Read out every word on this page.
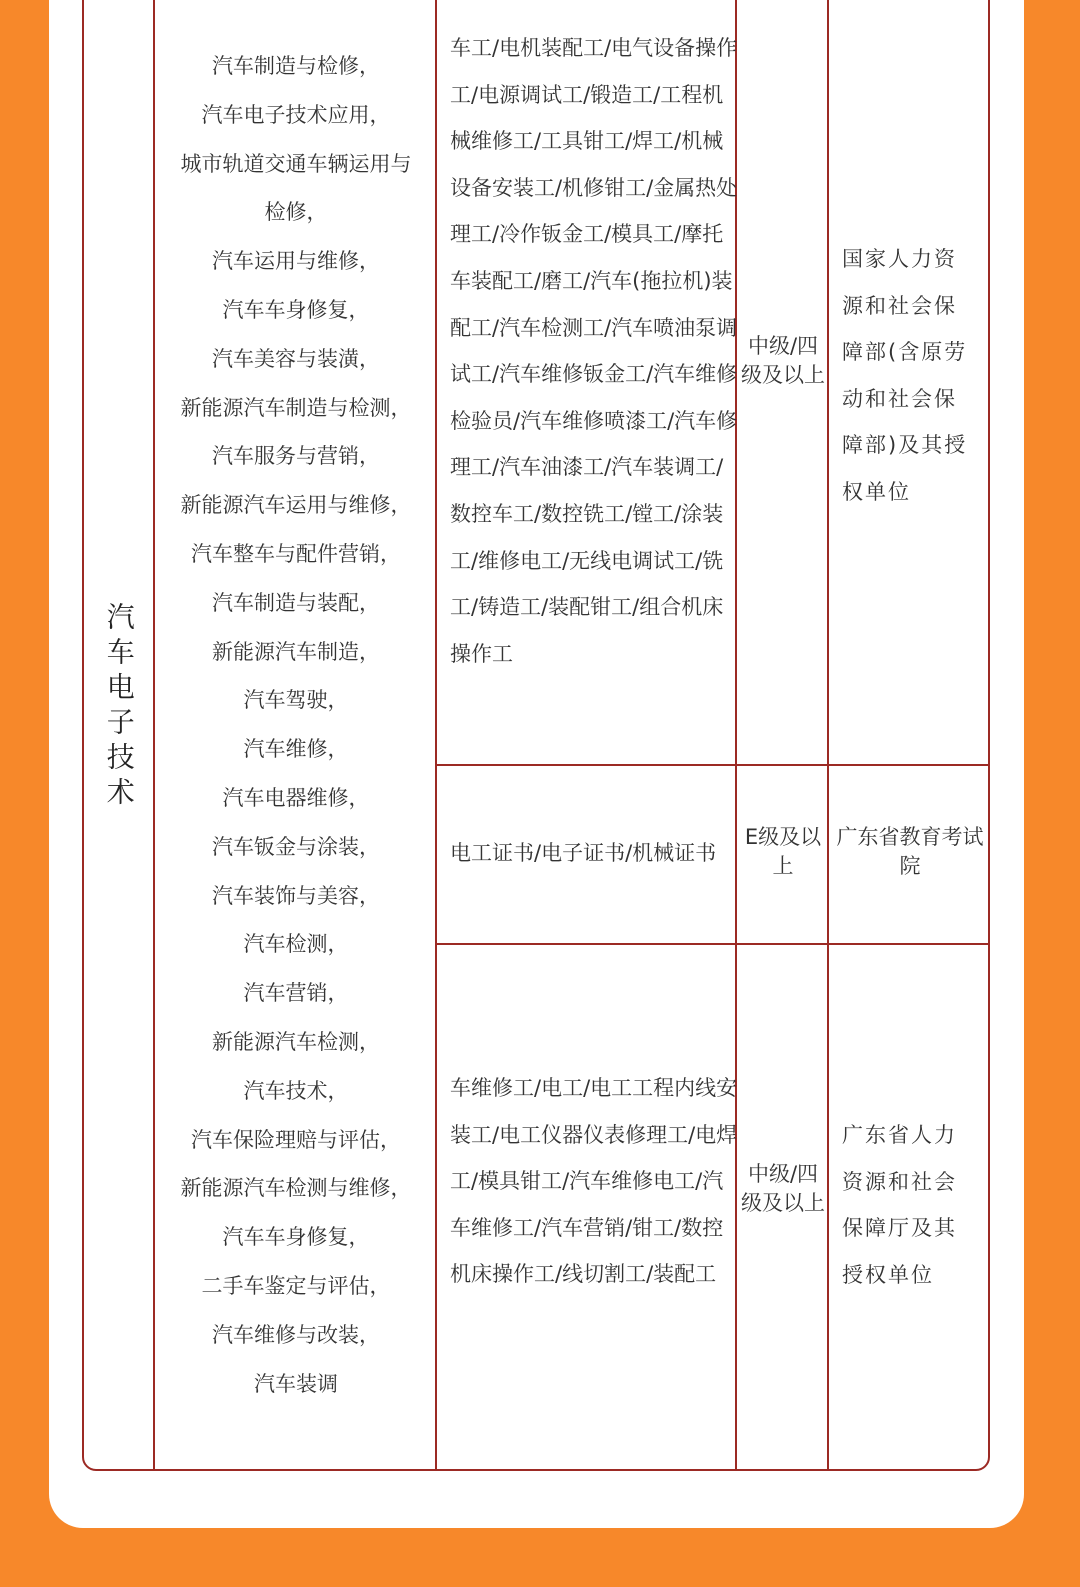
汽车电子技术
汽车制造与检修，
汽车电子技术应用，
城市轨道交通车辆运用与
检修，
汽车运用与维修，
汽车车身修复，
汽车美容与装潢，
新能源汽车制造与检测，
汽车服务与营销，
新能源汽车运用与维修，
汽车整车与配件营销，
汽车制造与装配，
新能源汽车制造，
汽车驾驶，
汽车维修，
汽车电器维修，
汽车钣金与涂装，
汽车装饰与美容，
汽车检测，
汽车营销，
新能源汽车检测，
汽车技术，
汽车保险理赔与评估，
新能源汽车检测与维修，
汽车车身修复，
二手车鉴定与评估，
汽车维修与改装，
汽车装调
车工/电机装配工/电气设备操作工/电源调试工/锻造工/工程机械维修工/工具钳工/焊工/机械设备安装工/机修钳工/金属热处理工/冷作钣金工/模具工/摩托车装配工/磨工/汽车(拖拉机)装配工/汽车检测工/汽车喷油泵调试工/汽车维修钣金工/汽车维修检验员/汽车维修喷漆工/汽车修理工/汽车油漆工/汽车装调工/数控车工/数控铣工/镗工/涂装工/维修电工/无线电调试工/铣工/铸造工/装配钳工/组合机床操作工
中级/四级及以上
国家人力资源和社会保障部(含原劳动和社会保障部)及其授权单位
电工证书/电子证书/机械证书
E级及以上
广东省教育考试院
车维修工/电工/电工工程内线安装工/电工仪器仪表修理工/电焊工/模具钳工/汽车维修电工/汽车维修工/汽车营销/钳工/数控机床操作工/线切割工/装配工
中级/四级及以上
广东省人力资源和社会保障厅及其授权单位
